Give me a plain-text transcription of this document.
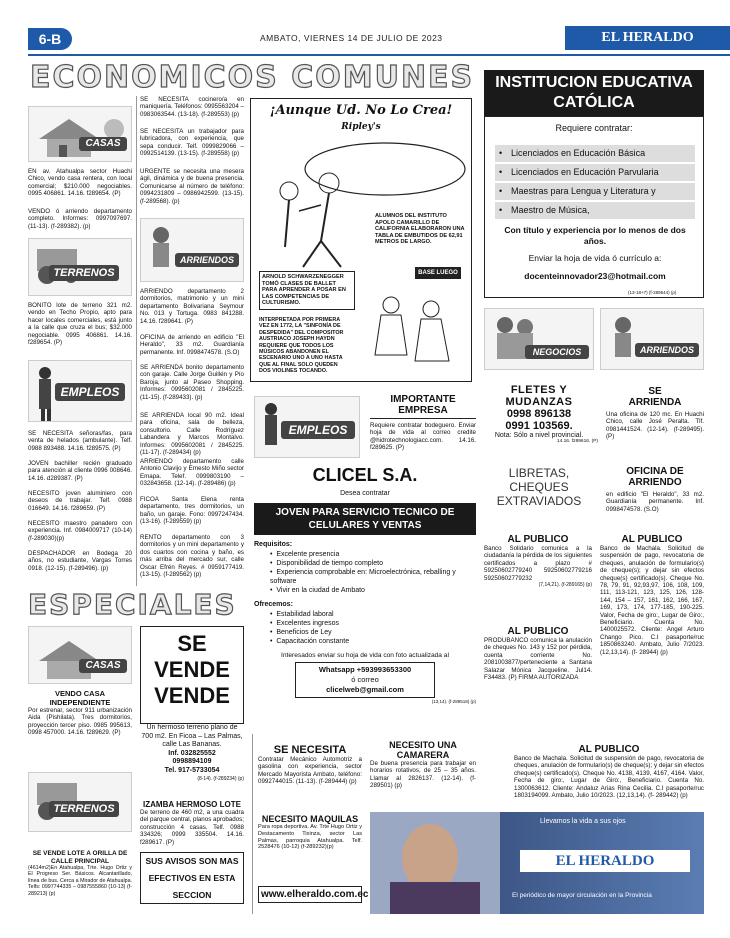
6-B	AMBATO, VIERNES 14 DE JULIO DE 2023	EL HERALDO
ECONOMICOS COMUNES
CASAS
EN av. Atahualpa sector Huachi Chico, vendo casa rentera, con local comercial; $210.000 negociables. 0995 406861. 14.16. f289654. (P)
VENDO ó arriendo departamento completo. Informes: 0997097697. (11-13). (f-289382). (p)
TERRENOS
BONITO lote de terreno 321 m2. vendo en Techo Propio, apto para hacer locales comerciales, está junto a la calle que cruza el bus; $32.000 negociable. 0995 406861. 14.16. f289654. (P)
EMPLEOS
SE NECESITA señoras/fas, para venta de helados (ambulante). Telf. 0988 893488. 14.16. f289575. (P)
JOVEN bachiller recién graduado para atención al cliente 0996 008646. 14.16. d289387. (P)
NECESITO joven aluminiero con deseos de trabajar. Telf. 0988 016649. 14.16. f289659. (P)
NECESITO maestro panadero con experiencia. Inf. 0984009717 (10-14) (f-289030)(p)
DESPACHADOR en Bodega 20 años, no estudiante, Vargas Torres 0918. (12-15). (f-289496). (p)
SE NECESITA cocinero/a en maniquería. Teléfonos: 0995563204 – 0983063544. (13-18). (f-289553) (p)
SE NECESITA un trabajador para lubricadora, con experiencia, que sepa conducir. Telf. 0999829066 – 0992514139. (13-15). (f-289558) (p)
URGENTE se necesita una mesera ágil, dinámica y de buena presencia. Comunicarse al número de teléfono: 0994231809 – 0986942599. (13-15). (f-289568). (p)
ARRIENDOS
ARRIENDO departamento 2 dormitorios, matrimonio y un mini departamento Bolivariana Seymour No. 013 y Tortuga. 0983 841288. 14.16. f289641. (P)
OFICINA de arriendo en edificio "El Heraldo", 33 m2. Guardianía permanente. Inf. 0998474578. (S.O)
SE ARRIENDA bonito departamento con garaje. Calle Jorge Guillén y Pío Baroja, junto al Paseo Shopping. Informes: 0995602081 / 2845225. (11-15). (f-289433). (p)
SE ARRIENDA local 90 m2. Ideal para oficina, sala de belleza, consultorio. Calle Rodríguez Labandera y Marcos Montalvo. Informes: 0995602081 / 2845225. (11-17). (f-289434) (p)
ARRIENDO departamento calle Antonio Clavijo y Ernesto Miño sector Emapa. Telef. 0999803190 – 032843658. (12-14). (f-289486) (p)
FICOA Santa Elena renta departamento, tres dormitorios, un baño, un garaje. Fono: 0997247434. (13-16). (f-289559) (p)
RENTO departamento con 3 dormitorios y un mini departamento y dos cuartos con cocina y baño, es más arriba del mercado sur, calle Oscar Efrén Reyes. # 0959177419. (13-15). (f-289562) (p)
¡Aunque Ud. No Lo Crea! Ripley's
ARNOLD SCHWARZENEGGER TOMÓ CLASES DE BALLET PARA APRENDER A POSAR EN LAS COMPETENCIAS DE CULTURISMO.
ALUMNOS DEL INSTITUTO APOLO CAMARILLO DE CALIFORNIA ELABORARON UNA TABLA DE EMBUTIDOS DE 62,91 METROS DE LARGO.
INTERPRETADA POR PRIMERA VEZ EN 1772, LA "SINFONÍA DE DESPEDIDA" DEL COMPOSITOR AUSTRIACO JOSEPH HAYDN REQUIERE QUE TODOS LOS MÚSICOS ABANDONEN EL ESCENARIO UNO A UNO HASTA QUE AL FINAL SOLO QUEDEN DOS VIOLINES TOCANDO.
BASE LUEGO
INSTITUCION EDUCATIVA CATÓLICA
Requiere contratar:
• Licenciados en Educación Básica
• Licenciados en Educación Parvularia
• Maestras para Lengua y Literatura y
• Maestro de Música,
Con título y experiencia por lo menos de dos años.
Enviar la hoja de vida ó currículo a:
docenteinnovador23@hotmail.com
(13-18+7) (f-289544) (p)
NEGOCIOS	ARRIENDOS
EMPLEOS
IMPORTANTE EMPRESA
Requiere contratar bodeguero. Enviar hoja de vida al correo credite @hidrotechnologiacc.com. 14.16. f289625. (P)
FLETES Y MUDANZAS
0998 896138
0991 103569.
Nota: Sólo a nivel provincial.
14.16. f289616. (P)
SE ARRIENDA
Una oficina de 120 mc. En Huachi Chico, calle José Peralta. Tlf. 0981441524. (12-14). (f-289495). (P)
LIBRETAS, CHEQUES EXTRAVIADOS
OFICINA DE ARRIENDO
en edificio "El Heraldo", 33 m2. Guardianía permanente. Inf. 0998474578. (S.O)
CLICEL S.A.
Desea contratar
JOVEN PARA SERVICIO TECNICO DE CELULARES Y VENTAS
Requisitos:
•  Excelente presencia
•  Disponibilidad de tiempo completo
•  Experiencia comprobable en: Microelectrónica, reballing y software
•  Vivir en la ciudad de Ambato
Ofrecemos:
•  Estabilidad laboral
•  Excelentes ingresos
•  Beneficios de Ley
•  Capacitación constante
Interesados enviar su hoja de vida con foto actualizada al
Whatsapp +593993653300
ó correo
clicelweb@gmail.com
(13,14). (f-289518) (p)
AL PUBLICO
Banco Solidario comunica a la ciudadanía la pérdida de los siguientes certificados a plazo # 59250602779240 59250602779216 59250602779232
(7,14,21). (f-289165) (p)
AL PUBLICO
PRODUBANCO comunica la anulación de cheques No. 143 y 152 por pérdida, cuenta corriente No. 2081003877/perteneciente a Santana Salazar Mónica Jacqueline. Jul14. F34483. (P) FIRMA AUTORIZADA
AL PUBLICO
Banco de Machala. Solicitud de suspensión de pago, revocatoria de cheques, anulación de formulario(s) de cheque(s); y dejar sin efectos cheque(s) certificado(s). Cheque No. 78, 79, 91, 92,93,97, 106, 108, 109, 111, 113-121, 123, 125, 126, 128-144, 154 – 157, 161, 162, 166, 167, 169, 173, 174, 177-185, 190-225. Valor, Fecha de giro:, Lugar de Giro:, Beneficiario. Cuenta No. 1400025572. Cliente: Angel Arturo Chango Pico. C.I pasaporte/ruc 1850863240. Ambato, Julio 7/2023. (12,13,14). (f- 28944) (p)
AL PUBLICO
Banco de Machala. Solicitud de suspensión de pago, revocatoria de cheques, anulación de formulario(s) de cheque(s); y dejar sin efectos cheque(s) certificado(s). Cheque No. 4138, 4139, 4167, 4164. Valor, Fecha de giro:, Lugar de Giro:, Beneficiario. Cuenta No. 1300063612. Cliente: Andaluz Arias Rina Cecilia. C.I pasaporte/ruc 1803194099. Ambato, Julio 10/2023. (12,13,14). (f- 289442) (p)
ESPECIALES
CASAS
VENDO CASA INDEPENDIENTE
Por estrenar, sector 911 urbanización Aida (Pishilata). Tres dormitorios, proyección tercer piso. 0985 995613, 0998 457000. 14.16. f289629. (P)
TERRENOS
SE VENDE LOTE A ORILLA DE CALLE PRINCIPAL
(4614m2)En Atahualpa, Trte. Hugo Ortiz y El Progreso Ser. Básicos. Alcantarillado, línea de bus. Cerca a Mirador de Atahualpa. Telfs: 0997744335 – 0987555860 (10-13) (f-289213) (p)
SE VENDE
VENDE
Un hermoso terreno plano de 700 m2. En Ficoa – Las Palmas, calle Las Bananas.
Inf. 032825552
0998894109
Tel. 917-5733054
(8-14). (f-289234) (p)
IZAMBA HERMOSO LOTE
De terreno de 460 m2, a una cuadra del parque central, planos aprobados; construcción 4 casas. Telf. 0988 334326; 0999 335504. 14.16. f289617. (P)
SUS AVISOS SON MAS EFECTIVOS EN ESTA SECCION
SE NECESITA
Contratar Mecánico Automotriz a gasolina con experiencia, sector Mercado Mayorista Ambato, teléfono: 0992744015. (11-13). (f-289444) (p)
NECESITO MAQUILAS
Para ropa deportiva. Av. Trte Hugo Ortiz y Destacamento Tixinza, sector Las Palmas, parroquia Atahualpa. Telf. 2528476 (10-12) (f-289232)(p)
www.elheraldo.com.ec
NECESITO UNA CAMARERA
De buena presencia para trabajar en horarios rotativos, de 25 – 35 años. Llamar al 2826137. (12-14). (f-289501) (p)
Llevamos la vida a sus ojos
EL HERALDO
El periódico de mayor circulación en la Provincia
